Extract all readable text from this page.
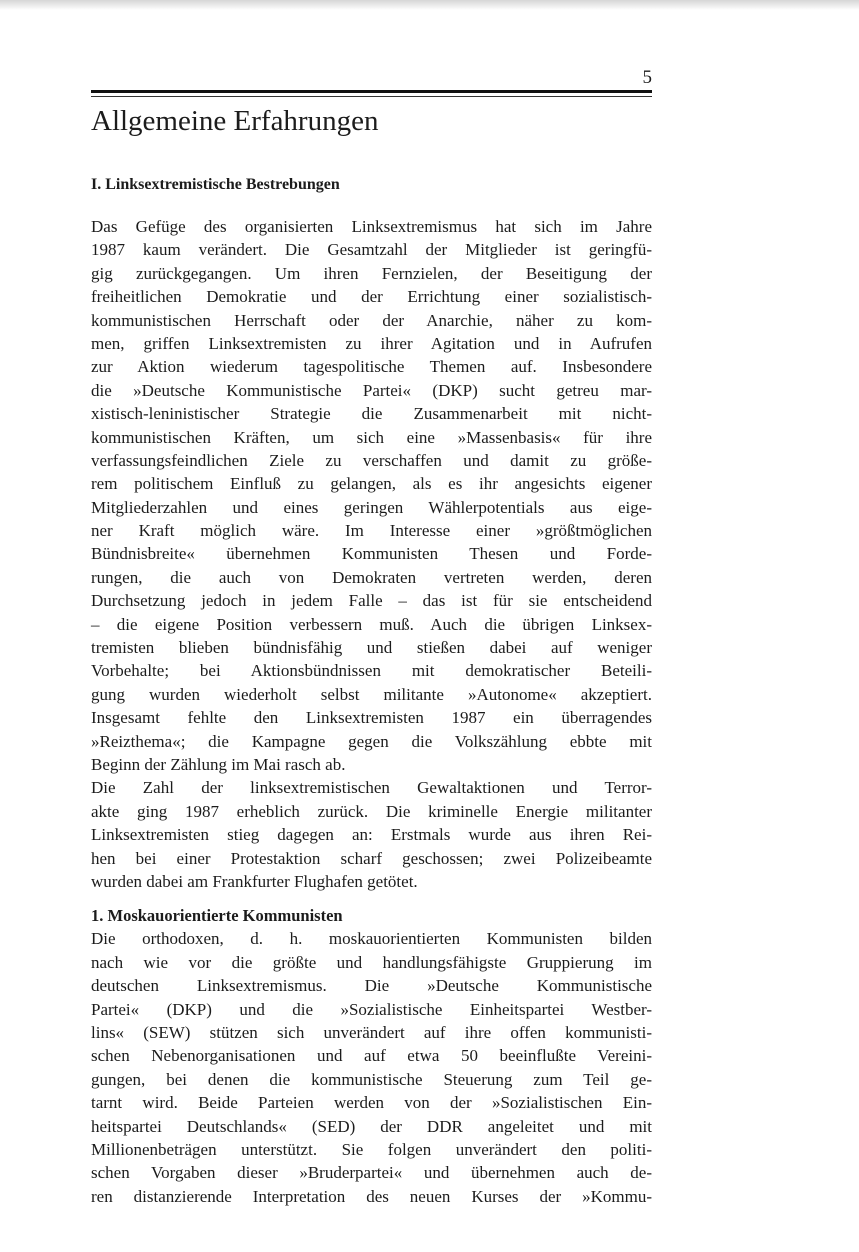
5
Allgemeine Erfahrungen
I. Linksextremistische Bestrebungen
Das Gefüge des organisierten Linksextremismus hat sich im Jahre
1987 kaum verändert. Die Gesamtzahl der Mitglieder ist geringfü-
gig zurückgegangen. Um ihren Fernzielen, der Beseitigung der
freiheitlichen Demokratie und der Errichtung einer sozialistisch-
kommunistischen Herrschaft oder der Anarchie, näher zu kom-
men, griffen Linksextremisten zu ihrer Agitation und in Aufrufen
zur Aktion wiederum tagespolitische Themen auf. Insbesondere
die »Deutsche Kommunistische Partei« (DKP) sucht getreu mar-
xistisch-leninistischer Strategie die Zusammenarbeit mit nicht-
kommunistischen Kräften, um sich eine »Massenbasis« für ihre
verfassungsfeindlichen Ziele zu verschaffen und damit zu größe-
rem politischem Einfluß zu gelangen, als es ihr angesichts eigener
Mitgliederzahlen und eines geringen Wählerpotentials aus eige-
ner Kraft möglich wäre. Im Interesse einer »größtmöglichen
Bündnisbreite« übernehmen Kommunisten Thesen und Forde-
rungen, die auch von Demokraten vertreten werden, deren
Durchsetzung jedoch in jedem Falle – das ist für sie entscheidend
– die eigene Position verbessern muß. Auch die übrigen Linksex-
tremisten blieben bündnisfähig und stießen dabei auf weniger
Vorbehalte; bei Aktionsbündnissen mit demokratischer Beteili-
gung wurden wiederholt selbst militante »Autonome« akzeptiert.
Insgesamt fehlte den Linksextremisten 1987 ein überragendes
»Reizthema«; die Kampagne gegen die Volkszählung ebbte mit
Beginn der Zählung im Mai rasch ab.
Die Zahl der linksextremistischen Gewaltaktionen und Terror-
akte ging 1987 erheblich zurück. Die kriminelle Energie militanter
Linksextremisten stieg dagegen an: Erstmals wurde aus ihren Rei-
hen bei einer Protestaktion scharf geschossen; zwei Polizeibeamte
wurden dabei am Frankfurter Flughafen getötet.
1. Moskauorientierte Kommunisten
Die orthodoxen, d. h. moskauorientierten Kommunisten bilden
nach wie vor die größte und handlungsfähigste Gruppierung im
deutschen Linksextremismus. Die »Deutsche Kommunistische
Partei« (DKP) und die »Sozialistische Einheitspartei Westber-
lins« (SEW) stützen sich unverändert auf ihre offen kommunisti-
schen Nebenorganisationen und auf etwa 50 beeinflußte Vereini-
gungen, bei denen die kommunistische Steuerung zum Teil ge-
tarnt wird. Beide Parteien werden von der »Sozialistischen Ein-
heitspartei Deutschlands« (SED) der DDR angeleitet und mit
Millionenbeträgen unterstützt. Sie folgen unverändert den politi-
schen Vorgaben dieser »Bruderpartei« und übernehmen auch de-
ren distanzierende Interpretation des neuen Kurses der »Kommu-
